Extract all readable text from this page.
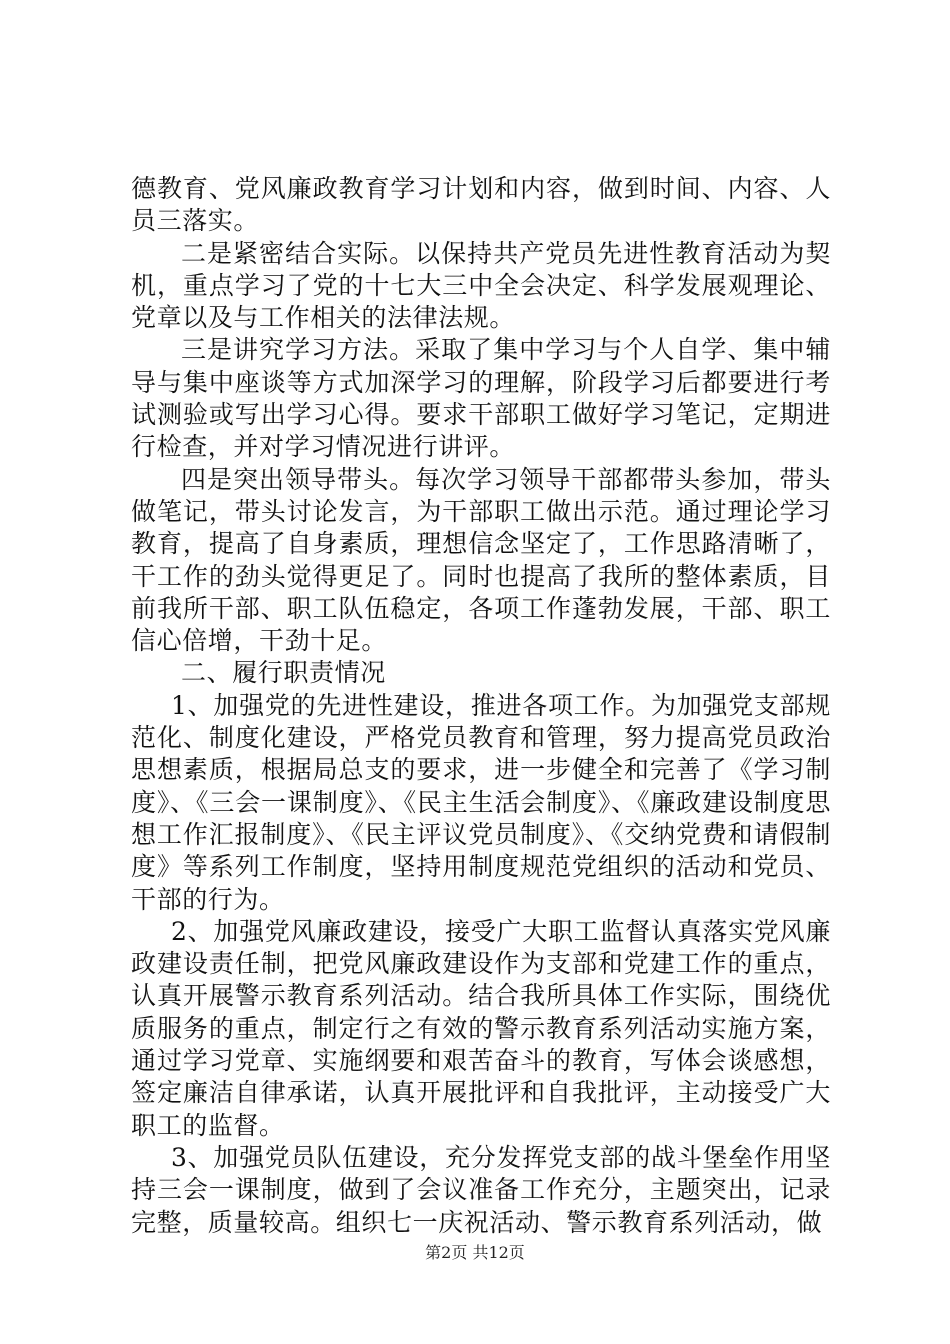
德教育、党风廉政教育学习计划和内容，做到时间、内容、人员三落实。

二是紧密结合实际。以保持共产党员先进性教育活动为契机，重点学习了党的十七大三中全会决定、科学发展观理论、党章以及与工作相关的法律法规。

三是讲究学习方法。采取了集中学习与个人自学、集中辅导与集中座谈等方式加深学习的理解，阶段学习后都要进行考试测验或写出学习心得。要求干部职工做好学习笔记，定期进行检查，并对学习情况进行讲评。

四是突出领导带头。每次学习领导干部都带头参加，带头做笔记，带头讨论发言，为干部职工做出示范。通过理论学习教育，提高了自身素质，理想信念坚定了，工作思路清晰了，干工作的劲头觉得更足了。同时也提高了我所的整体素质，目前我所干部、职工队伍稳定，各项工作蓬勃发展，干部、职工信心倍增，干劲十足。

二、履行职责情况

1、加强党的先进性建设，推进各项工作。为加强党支部规范化、制度化建设，严格党员教育和管理，努力提高党员政治思想素质，根据局总支的要求，进一步健全和完善了《学习制度》、《三会一课制度》、《民主生活会制度》、《廉政建设制度思想工作汇报制度》、《民主评议党员制度》、《交纳党费和请假制度》等系列工作制度，坚持用制度规范党组织的活动和党员、干部的行为。

2、加强党风廉政建设，接受广大职工监督认真落实党风廉政建设责任制，把党风廉政建设作为支部和党建工作的重点，认真开展警示教育系列活动。结合我所具体工作实际，围绕优质服务的重点，制定行之有效的警示教育系列活动实施方案，通过学习党章、实施纲要和艰苦奋斗的教育，写体会谈感想，签定廉洁自律承诺，认真开展批评和自我批评，主动接受广大职工的监督。

3、加强党员队伍建设，充分发挥党支部的战斗堡垒作用坚持三会一课制度，做到了会议准备工作充分，主题突出，记录完整，质量较高。组织七一庆祝活动、警示教育系列活动，做

第2页 共12页
